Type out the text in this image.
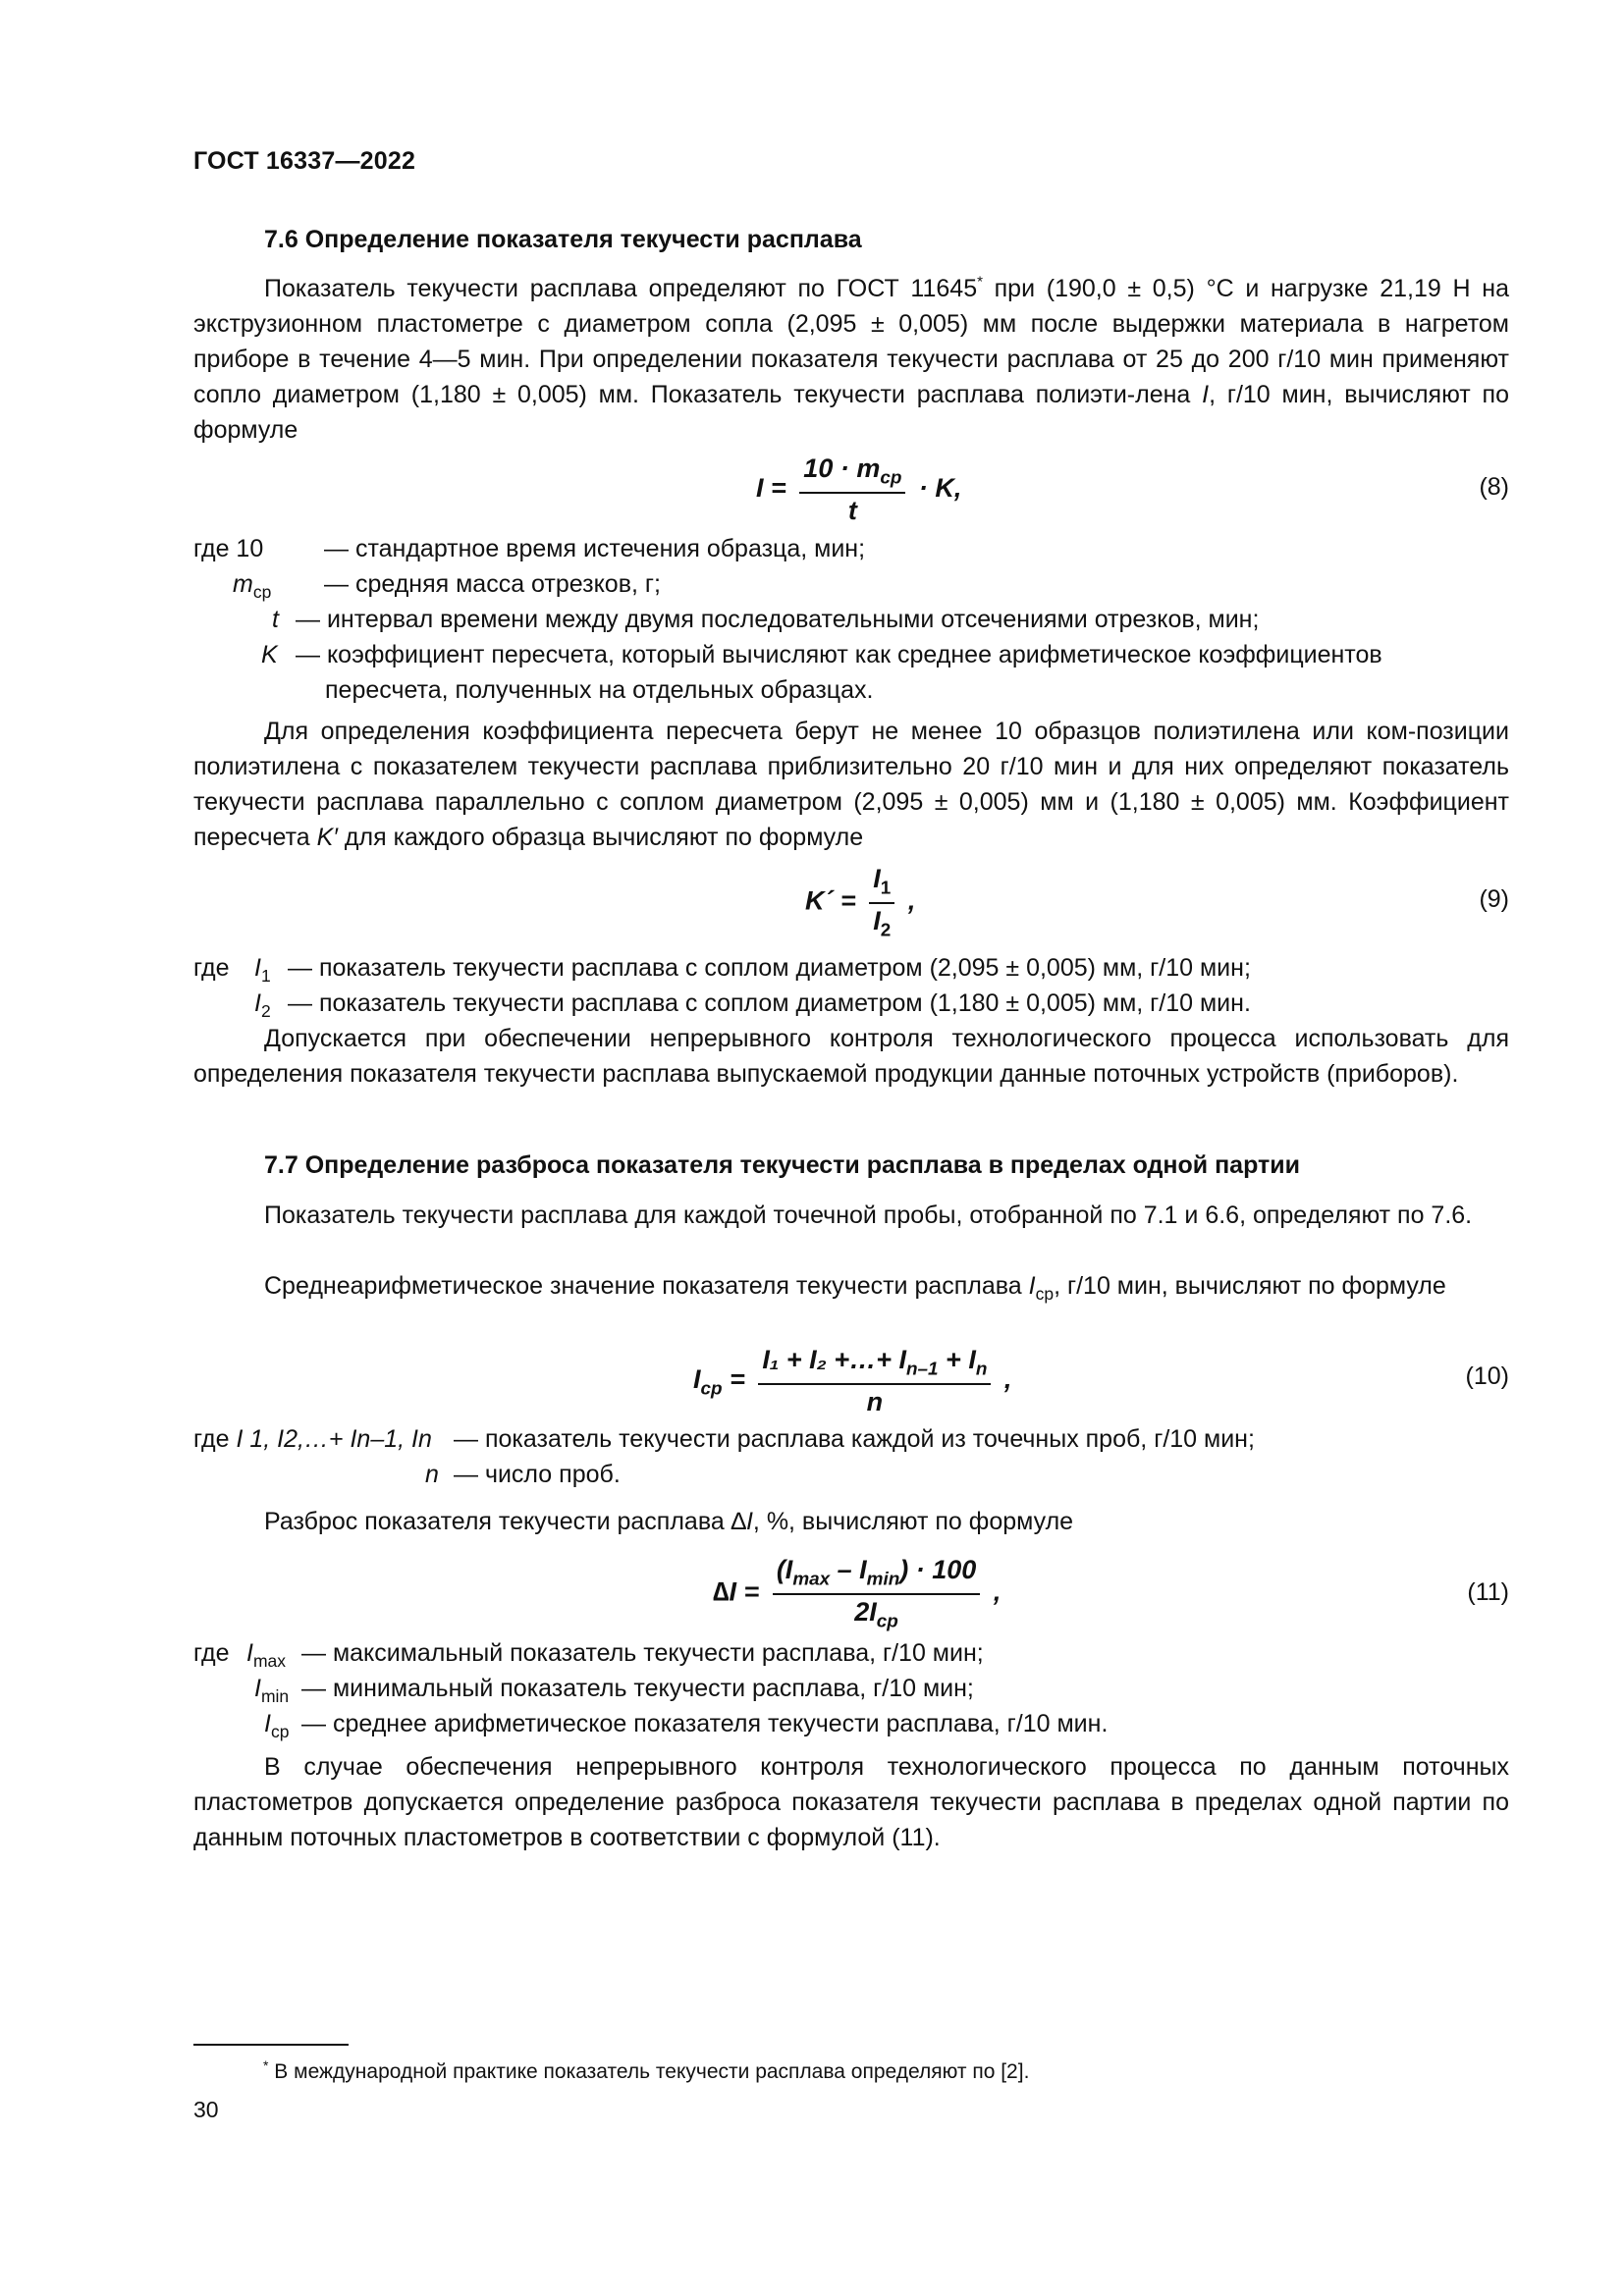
ГОСТ 16337—2022
7.6 Определение показателя текучести расплава
Показатель текучести расплава определяют по ГОСТ 11645* при (190,0 ± 0,5) °С и нагрузке 21,19 Н на экструзионном пластометре с диаметром сопла (2,095 ± 0,005) мм после выдержки материала в нагретом приборе в течение 4—5 мин. При определении показателя текучести расплава от 25 до 200 г/10 мин применяют сопло диаметром (1,180 ± 0,005) мм. Показатель текучести расплава полиэти-лена I, г/10 мин, вычисляют по формуле
$I = \frac{10 \cdot m_{ср}}{t} \cdot K$,	(8)
где 10 — стандартное время истечения образца, мин;
$m_{ср}$ — средняя масса отрезков, г;
t — интервал времени между двумя последовательными отсечениями отрезков, мин;
K — коэффициент пересчета, который вычисляют как среднее арифметическое коэффициентов
пересчета, полученных на отдельных образцах.
Для определения коэффициента пересчета берут не менее 10 образцов полиэтилена или ком-позиции полиэтилена с показателем текучести расплава приблизительно 20 г/10 мин и для них определяют показатель текучести расплава параллельно с соплом диаметром (2,095 ± 0,005) мм и (1,180 ± 0,005) мм. Коэффициент пересчета K′ для каждого образца вычисляют по формуле
K´ = $\frac{I_1}{I_2}$ ,	(9)
где $I_1$ — показатель текучести расплава с соплом диаметром (2,095 ± 0,005) мм, г/10 мин;
$I_2$ — показатель текучести расплава с соплом диаметром (1,180 ± 0,005) мм, г/10 мин.
Допускается при обеспечении непрерывного контроля технологического процесса использовать для определения показателя текучести расплава выпускаемой продукции данные поточных устройств (приборов).
7.7 Определение разброса показателя текучести расплава в пределах одной партии
Показатель текучести расплава для каждой точечной пробы, отобранной по 7.1 и 6.6, определяют по 7.6.
Среднеарифметическое значение показателя текучести расплава $I_{ср}$, г/10 мин, вычисляют по формуле
$I_{ср} = \frac{I_1 + I_2 +\dots+ I_{n-1} + I_n}{n}$ ,	(10)
где I 1, I2,…+ In–1, In — показатель текучести расплава каждой из точечных проб, г/10 мин;
n — число проб.
Разброс показателя текучести расплава ∆I, %, вычисляют по формуле
$\Delta I = \frac{(I_{max} - I_{min}) \cdot 100}{2I_{ср}}$ ,	(11)
где $I_{max}$ — максимальный показатель текучести расплава, г/10 мин;
$I_{min}$ — минимальный показатель текучести расплава, г/10 мин;
$I_{ср}$ — среднее арифметическое показателя текучести расплава, г/10 мин.
В случае обеспечения непрерывного контроля технологического процесса по данным поточных пластометров допускается определение разброса показателя текучести расплава в пределах одной партии по данным поточных пластометров в соответствии с формулой (11).
* В международной практике показатель текучести расплава определяют по [2].
30
